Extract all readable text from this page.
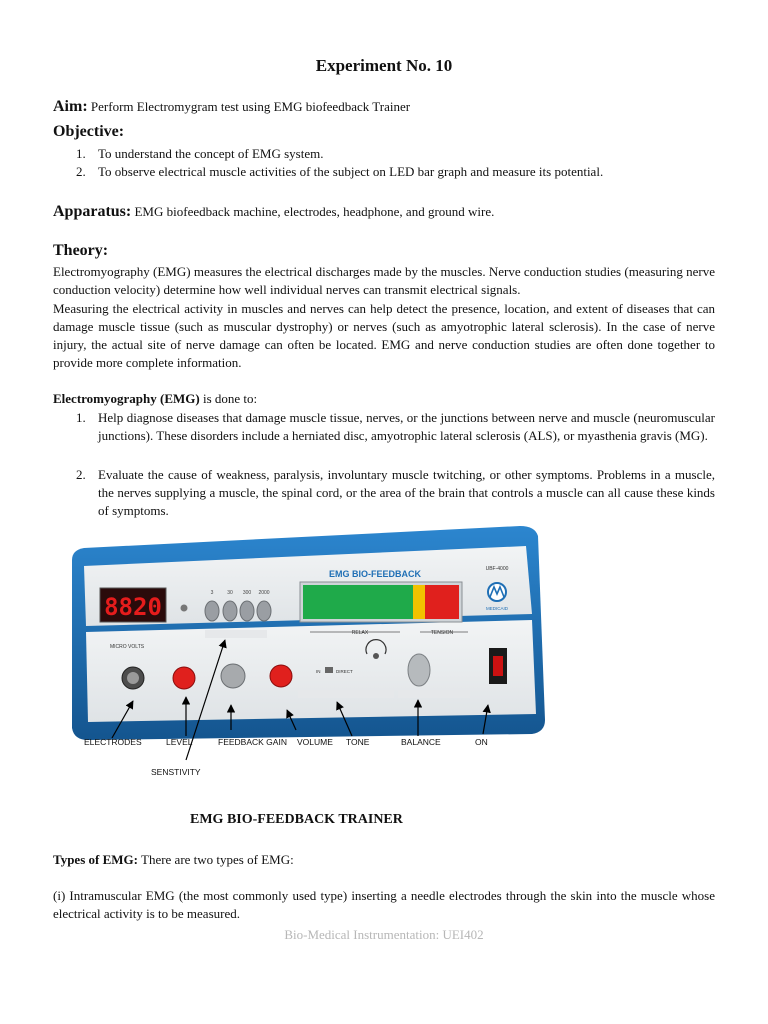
Experiment No. 10
Aim: Perform Electromygram test using EMG biofeedback Trainer
Objective:
1. To understand the concept of EMG system.
2. To observe electrical muscle activities of the subject on LED bar graph and measure its potential.
Apparatus: EMG biofeedback machine, electrodes, headphone, and ground wire.
Theory:
Electromyography (EMG) measures the electrical discharges made by the muscles. Nerve conduction studies (measuring nerve conduction velocity) determine how well individual nerves can transmit electrical signals.
Measuring the electrical activity in muscles and nerves can help detect the presence, location, and extent of diseases that can damage muscle tissue (such as muscular dystrophy) or nerves (such as amyotrophic lateral sclerosis). In the case of nerve injury, the actual site of nerve damage can often be located. EMG and nerve conduction studies are often done together to provide more complete information.
Electromyography (EMG) is done to:
1. Help diagnose diseases that damage muscle tissue, nerves, or the junctions between nerve and muscle (neuromuscular junctions). These disorders include a herniated disc, amyotrophic lateral sclerosis (ALS), or myasthenia gravis (MG).
2. Evaluate the cause of weakness, paralysis, involuntary muscle twitching, or other symptoms. Problems in a muscle, the nerves supplying a muscle, the spinal cord, or the area of the brain that controls a muscle can all cause these kinds of symptoms.
8820	3	30 300 2000
EMG BIO-FEEDBACK
RELAX	TENSION
UBF-4000
MEDICAID
MICRO VOLTS
IN	DIRECT
ELECTRODES	LEVEL	FEEDBACK GAIN VOLUME TONE	BALANCE	ON
SENSTIVITY
EMG BIO-FEEDBACK TRAINER
Types of EMG: There are two types of EMG:
(i) Intramuscular EMG (the most commonly used type) inserting a needle electrodes through the skin into the muscle whose electrical activity is to be measured.
Bio-Medical Instrumentation: UEI402
